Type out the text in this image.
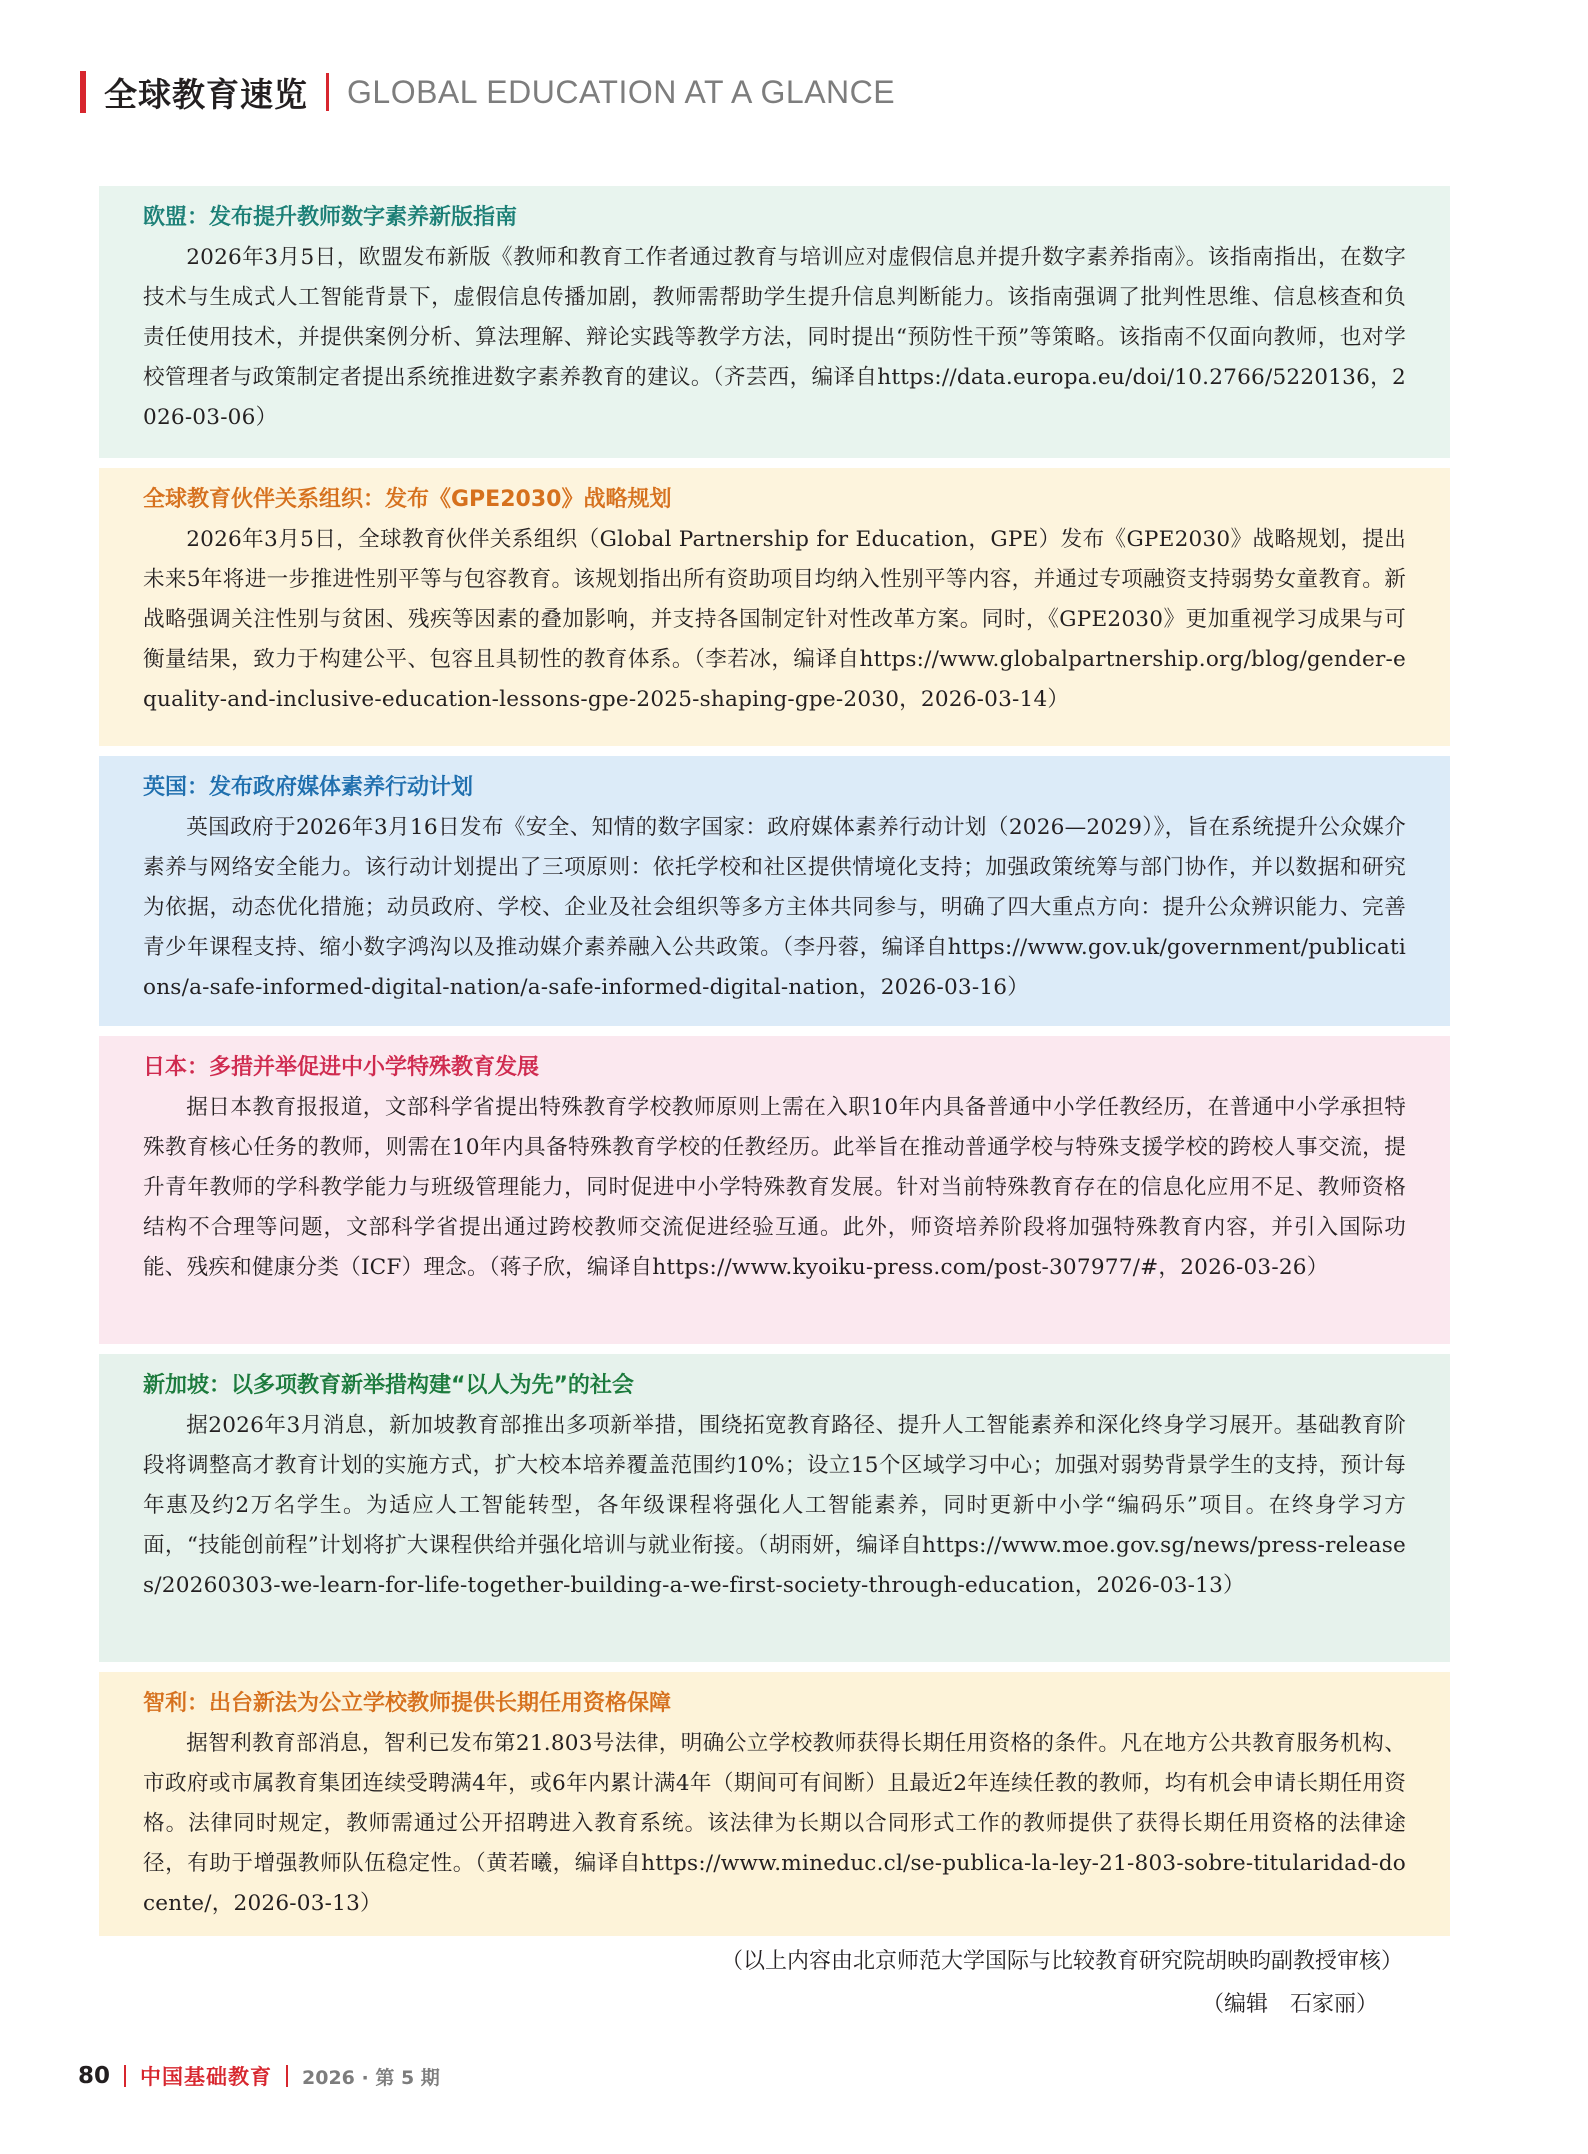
全球教育速览 GLOBAL EDUCATION AT A GLANCE
欧盟：发布提升教师数字素养新版指南
2026年3月5日，欧盟发布新版《教师和教育工作者通过教育与培训应对虚假信息并提升数字素养指南》。该指南指出，在数字技术与生成式人工智能背景下，虚假信息传播加剧，教师需帮助学生提升信息判断能力。该指南强调了批判性思维、信息核查和负责任使用技术，并提供案例分析、算法理解、辩论实践等教学方法，同时提出“预防性干预”等策略。该指南不仅面向教师，也对学校管理者与政策制定者提出系统推进数字素养教育的建议。（齐芸西，编译自https://data.europa.eu/doi/10.2766/5220136，2026-03-06）
全球教育伙伴关系组织：发布《GPE2030》战略规划
2026年3月5日，全球教育伙伴关系组织（Global Partnership for Education，GPE）发布《GPE2030》战略规划，提出未来5年将进一步推进性别平等与包容教育。该规划指出所有资助项目均纳入性别平等内容，并通过专项融资支持弱势女童教育。新战略强调关注性别与贫困、残疾等因素的叠加影响，并支持各国制定针对性改革方案。同时，《GPE2030》更加重视学习成果与可衡量结果，致力于构建公平、包容且具韧性的教育体系。（李若冰，编译自https://www.globalpartnership.org/blog/gender-equality-and-inclusive-education-lessons-gpe-2025-shaping-gpe-2030，2026-03-14）
英国：发布政府媒体素养行动计划
英国政府于2026年3月16日发布《安全、知情的数字国家：政府媒体素养行动计划（2026—2029）》，旨在系统提升公众媒介素养与网络安全能力。该行动计划提出了三项原则：依托学校和社区提供情境化支持；加强政策统筹与部门协作，并以数据和研究为依据，动态优化措施；动员政府、学校、企业及社会组织等多方主体共同参与，明确了四大重点方向：提升公众辨识能力、完善青少年课程支持、缩小数字鸿沟以及推动媒介素养融入公共政策。（李丹蓉，编译自https://www.gov.uk/government/publications/a-safe-informed-digital-nation/a-safe-informed-digital-nation，2026-03-16）
日本：多措并举促进中小学特殊教育发展
据日本教育报报道，文部科学省提出特殊教育学校教师原则上需在入职10年内具备普通中小学任教经历，在普通中小学承担特殊教育核心任务的教师，则需在10年内具备特殊教育学校的任教经历。此举旨在推动普通学校与特殊支援学校的跨校人事交流，提升青年教师的学科教学能力与班级管理能力，同时促进中小学特殊教育发展。针对当前特殊教育存在的信息化应用不足、教师资格结构不合理等问题，文部科学省提出通过跨校教师交流促进经验互通。此外，师资培养阶段将加强特殊教育内容，并引入国际功能、残疾和健康分类（ICF）理念。（蒋子欣，编译自https://www.kyoiku-press.com/post-307977/#，2026-03-26）
新加坡：以多项教育新举措构建“以人为先”的社会
据2026年3月消息，新加坡教育部推出多项新举措，围绕拓宽教育路径、提升人工智能素养和深化终身学习展开。基础教育阶段将调整高才教育计划的实施方式，扩大校本培养覆盖范围约10%；设立15个区域学习中心；加强对弱势背景学生的支持，预计每年惠及约2万名学生。为适应人工智能转型，各年级课程将强化人工智能素养，同时更新中小学“编码乐”项目。在终身学习方面，“技能创前程”计划将扩大课程供给并强化培训与就业衔接。（胡雨妍，编译自https://www.moe.gov.sg/news/press-releases/20260303-we-learn-for-life-together-building-a-we-first-society-through-education，2026-03-13）
智利：出台新法为公立学校教师提供长期任用资格保障
据智利教育部消息，智利已发布第21.803号法律，明确公立学校教师获得长期任用资格的条件。凡在地方公共教育服务机构、市政府或市属教育集团连续受聘满4年，或6年内累计满4年（期间可有间断）且最近2年连续任教的教师，均有机会申请长期任用资格。法律同时规定，教师需通过公开招聘进入教育系统。该法律为长期以合同形式工作的教师提供了获得长期任用资格的法律途径，有助于增强教师队伍稳定性。（黄若曦，编译自https://www.mineduc.cl/se-publica-la-ley-21-803-sobre-titularidad-docente/，2026-03-13）
（以上内容由北京师范大学国际与比较教育研究院胡映昀副教授审核）
（编辑　石家丽）
80 中国基础教育 2026 · 第 5 期
